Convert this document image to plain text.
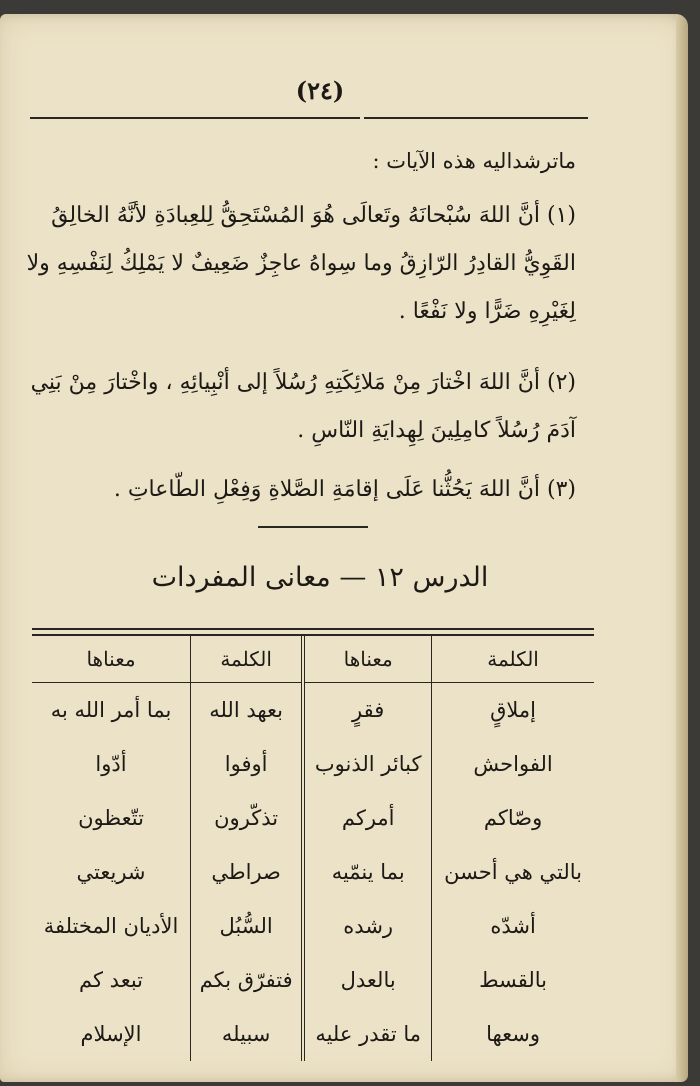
(٢٤)
ماترشداليه هذه الآيات :
(١) أنَّ اللهَ سُبْحانَهُ وتَعالَى هُوَ المُسْتَحِقُّ لِلعِبادَةِ لأنَّهُ الخالِقُ القَوِيُّ القادِرُ الرّازِقُ وما سِواهُ عاجِزٌ ضَعِيفٌ لا يَمْلِكُ لِنَفْسِهِ ولا لِغَيْرِهِ ضَرًّا ولا نَفْعًا .
(٢) أنَّ اللهَ اخْتارَ مِنْ مَلائِكَتِهِ رُسُلاً إلى أنْبِيائِهِ ، واخْتارَ مِنْ بَنِي آدَمَ رُسُلاً كامِلِينَ لِهِدايَةِ النّاسِ .
(٣) أنَّ اللهَ يَحُثُّنا عَلَى إقامَةِ الصَّلاةِ وَفِعْلِ الطّاعاتِ .
الدرس ١٢ — معانى المفردات
الكلمة	معناها	الكلمة	معناها
إملاقٍ	فقرٍ	بعهد الله	بما أمر الله به
الفواحش	كبائر الذنوب	أوفوا	أدّوا
وصّاكم	أمركم	تذكّرون	تتّعظون
بالتي هي أحسن	بما ينمّيه	صراطي	شريعتي
أشدّه	رشده	السُّبُل	الأديان المختلفة
بالقسط	بالعدل	فتفرّق بكم	تبعد كم
وسعها	ما تقدر عليه	سبيله	الإسلام
